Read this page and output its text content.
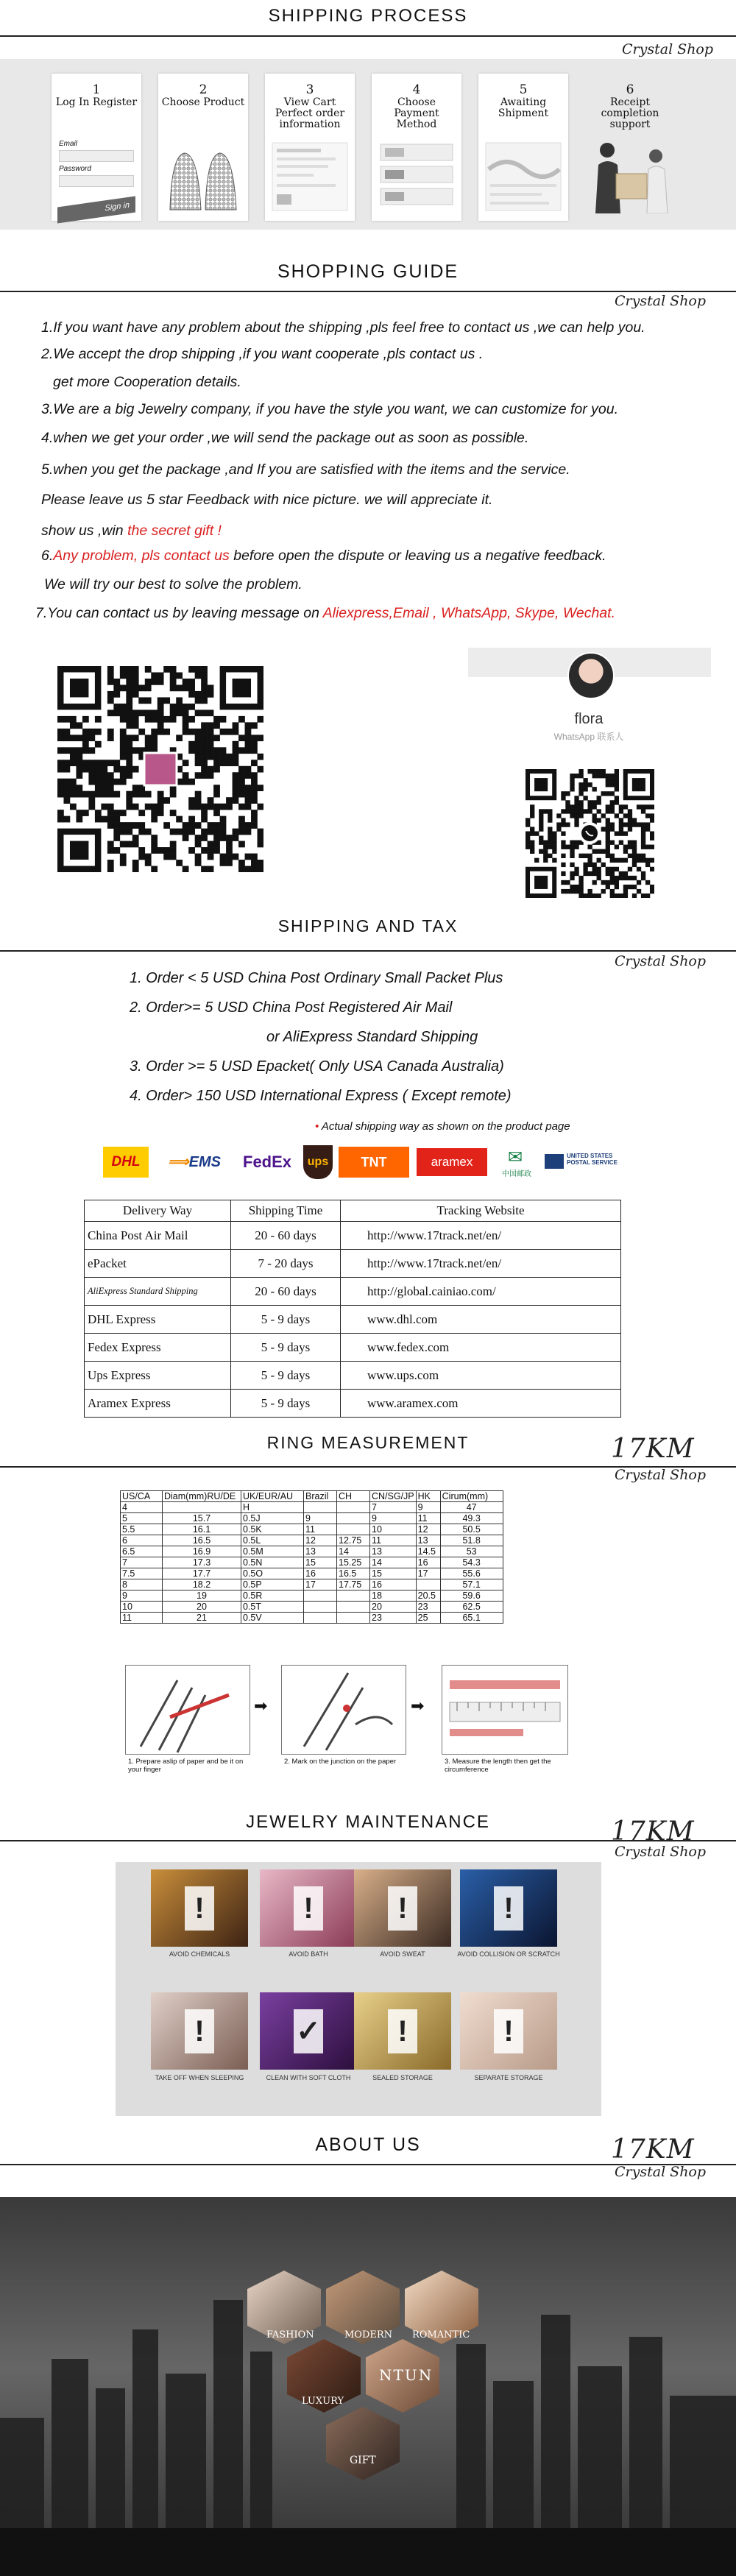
SHIPPING PROCESS
Crystal Shop
1
Log In Register
Email
Password
Sign in
2
Choose Product
3
View Cart Perfect order information
4
Choose Payment Method
5
Awaiting Shipment
6
Receipt completion support
SHOPPING GUIDE
Crystal Shop
1.If you want have any problem about the shipping ,pls feel free to contact us ,we can help you.
2.We accept the drop shipping ,if you want cooperate ,pls contact us .
get more Cooperation details.
3.We are a big Jewelry company, if you have the style you want, we can customize for you.
4.when we get your order ,we will send the package out as soon as possible.
5.when you get the package ,and If you are satisfied with the items and the service.
Please leave us 5 star Feedback with nice picture. we will appreciate it.
show us ,win the secret gift !
6.Any problem, pls contact us before open the dispute or leaving us a negative feedback.
We will try our best to solve the problem.
7.You can contact us by leaving message on Aliexpress,Email , WhatsApp, Skype, Wechat.
flora
WhatsApp 联系人
SHIPPING AND TAX
Crystal Shop
1. Order < 5 USD China Post Ordinary Small Packet Plus
2. Order>= 5 USD China Post Registered Air Mail
or AliExpress Standard Shipping
3. Order >= 5 USD Epacket( Only USA Canada Australia)
4. Order> 150 USD International Express ( Except remote)
• Actual shipping way as shown on the product page
DHL	⟹EMS	FedEx	ups	TNT	aramex	✉
中国邮政
UNITED STATES POSTAL SERVICE
Delivery Way	Shipping Time	Tracking Website
China Post Air Mail	20 - 60 days	http://www.17track.net/en/
ePacket	7 - 20 days	http://www.17track.net/en/
AliExpress Standard Shipping	20 - 60 days	http://global.cainiao.com/
DHL Express	5 - 9 days	www.dhl.com
Fedex Express	5 - 9 days	www.fedex.com
Ups Express	5 - 9 days	www.ups.com
Aramex Express	5 - 9 days	www.aramex.com
RING MEASUREMENT	17KM
Crystal Shop
US/CA	Diam(mm)RU/DE	UK/EUR/AU	Brazil	CH	CN/SG/JP	HK	Cirum(mm)
4		H			7	9	47
5	15.7	0.5J	9		9	11	49.3
5.5	16.1	0.5K	11		10	12	50.5
6	16.5	0.5L	12	12.75	11	13	51.8
6.5	16.9	0.5M	13	14	13	14.5	53
7	17.3	0.5N	15	15.25	14	16	54.3
7.5	17.7	0.5O	16	16.5	15	17	55.6
8	18.2	0.5P	17	17.75	16		57.1
9	19	0.5R			18	20.5	59.6
10	20	0.5T			20	23	62.5
11	21	0.5V			23	25	65.1
➡	➡
1. Prepare aslip of paper and be it on your finger
2. Mark on the junction on the paper	3. Measure the length then get the circumference
JEWELRY MAINTENANCE	17KM
Crystal Shop
!
AVOID CHEMICALS
!
AVOID BATH
!
AVOID SWEAT
!
AVOID COLLISION OR SCRATCH
!
TAKE OFF WHEN SLEEPING
✓
CLEAN WITH SOFT CLOTH
!
SEALED STORAGE
!
SEPARATE STORAGE
ABOUT US	17KM
Crystal Shop
FASHION	MODERN ROMANTIC
LUXURY
NTUN
GIFT
